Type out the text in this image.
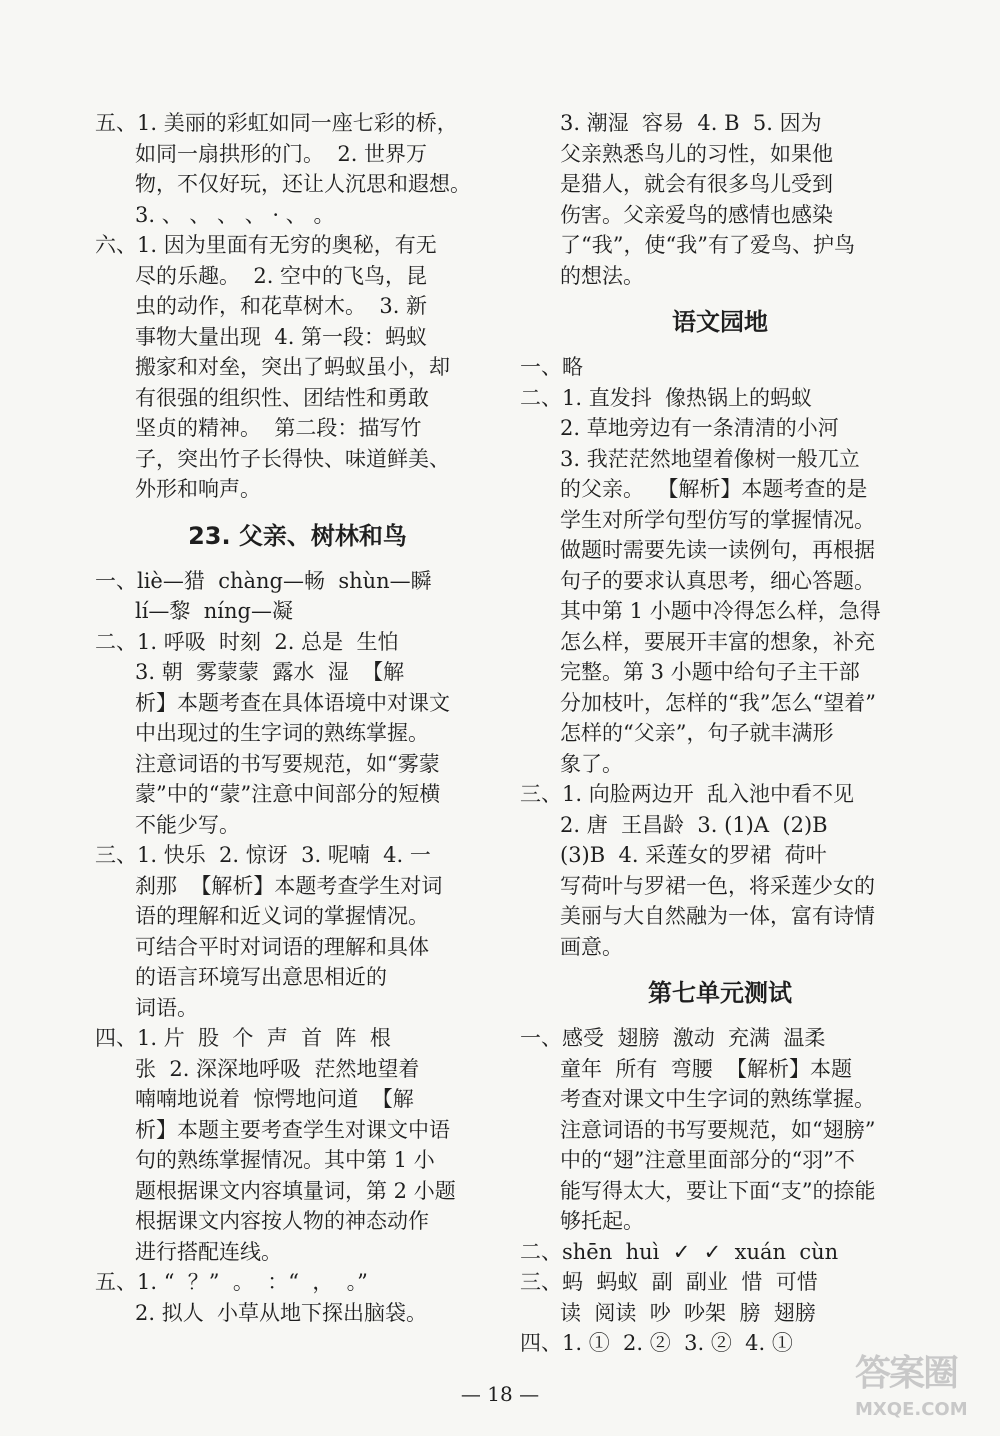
五、1. 美丽的彩虹如同一座七彩的桥，
如同一扇拱形的门。  2. 世界万
物，不仅好玩，还让人沉思和遐想。
3. 、 、 、 、 · 、 。
六、1. 因为里面有无穷的奥秘，有无
尽的乐趣。  2. 空中的飞鸟，昆
虫的动作，和花草树木。  3. 新
事物大量出现  4. 第一段：蚂蚁
搬家和对垒，突出了蚂蚁虽小，却
有很强的组织性、团结性和勇敢
坚贞的精神。  第二段：描写竹
子，突出竹子长得快、味道鲜美、
外形和响声。
23. 父亲、树林和鸟
一、liè—猎  chàng—畅  shùn—瞬
lí—黎  níng—凝
二、1. 呼吸  时刻  2. 总是  生怕
3. 朝  雾蒙蒙  露水  湿  【解
析】本题考查在具体语境中对课文
中出现过的生字词的熟练掌握。
注意词语的书写要规范，如“雾蒙
蒙”中的“蒙”注意中间部分的短横
不能少写。
三、1. 快乐  2. 惊讶  3. 呢喃  4. 一
刹那  【解析】本题考查学生对词
语的理解和近义词的掌握情况。
可结合平时对词语的理解和具体
的语言环境写出意思相近的
词语。
四、1. 片  股  个  声  首  阵  根
张  2. 深深地呼吸  茫然地望着
喃喃地说着  惊愕地问道  【解
析】本题主要考查学生对课文中语
句的熟练掌握情况。其中第 1 小
题根据课文内容填量词，第 2 小题
根据课文内容按人物的神态动作
进行搭配连线。
五、1. “  ？”  。  ：“  ，  。”
2. 拟人  小草从地下探出脑袋。
3. 潮湿  容易  4. B  5. 因为
父亲熟悉鸟儿的习性，如果他
是猎人，就会有很多鸟儿受到
伤害。父亲爱鸟的感情也感染
了“我”，使“我”有了爱鸟、护鸟
的想法。
语文园地
一、略
二、1. 直发抖  像热锅上的蚂蚁
2. 草地旁边有一条清清的小河
3. 我茫茫然地望着像树一般兀立
的父亲。  【解析】本题考查的是
学生对所学句型仿写的掌握情况。
做题时需要先读一读例句，再根据
句子的要求认真思考，细心答题。
其中第 1 小题中冷得怎么样，急得
怎么样，要展开丰富的想象，补充
完整。第 3 小题中给句子主干部
分加枝叶，怎样的“我”怎么“望着”
怎样的“父亲”，句子就丰满形
象了。
三、1. 向脸两边开  乱入池中看不见
2. 唐  王昌龄  3. (1)A  (2)B
(3)B  4. 采莲女的罗裙  荷叶
写荷叶与罗裙一色，将采莲少女的
美丽与大自然融为一体，富有诗情
画意。
第七单元测试
一、感受  翅膀  激动  充满  温柔
童年  所有  弯腰  【解析】本题
考查对课文中生字词的熟练掌握。
注意词语的书写要规范，如“翅膀”
中的“翅”注意里面部分的“羽”不
能写得太大，要让下面“支”的捺能
够托起。
二、shēn  huì  ✓  ✓  xuán  cùn
三、蚂  蚂蚁  副  副业  惜  可惜
读  阅读  吵  吵架  膀  翅膀
四、1. ①  2. ②  3. ②  4. ①
— 18 —	答案圈
MXQE.COM
